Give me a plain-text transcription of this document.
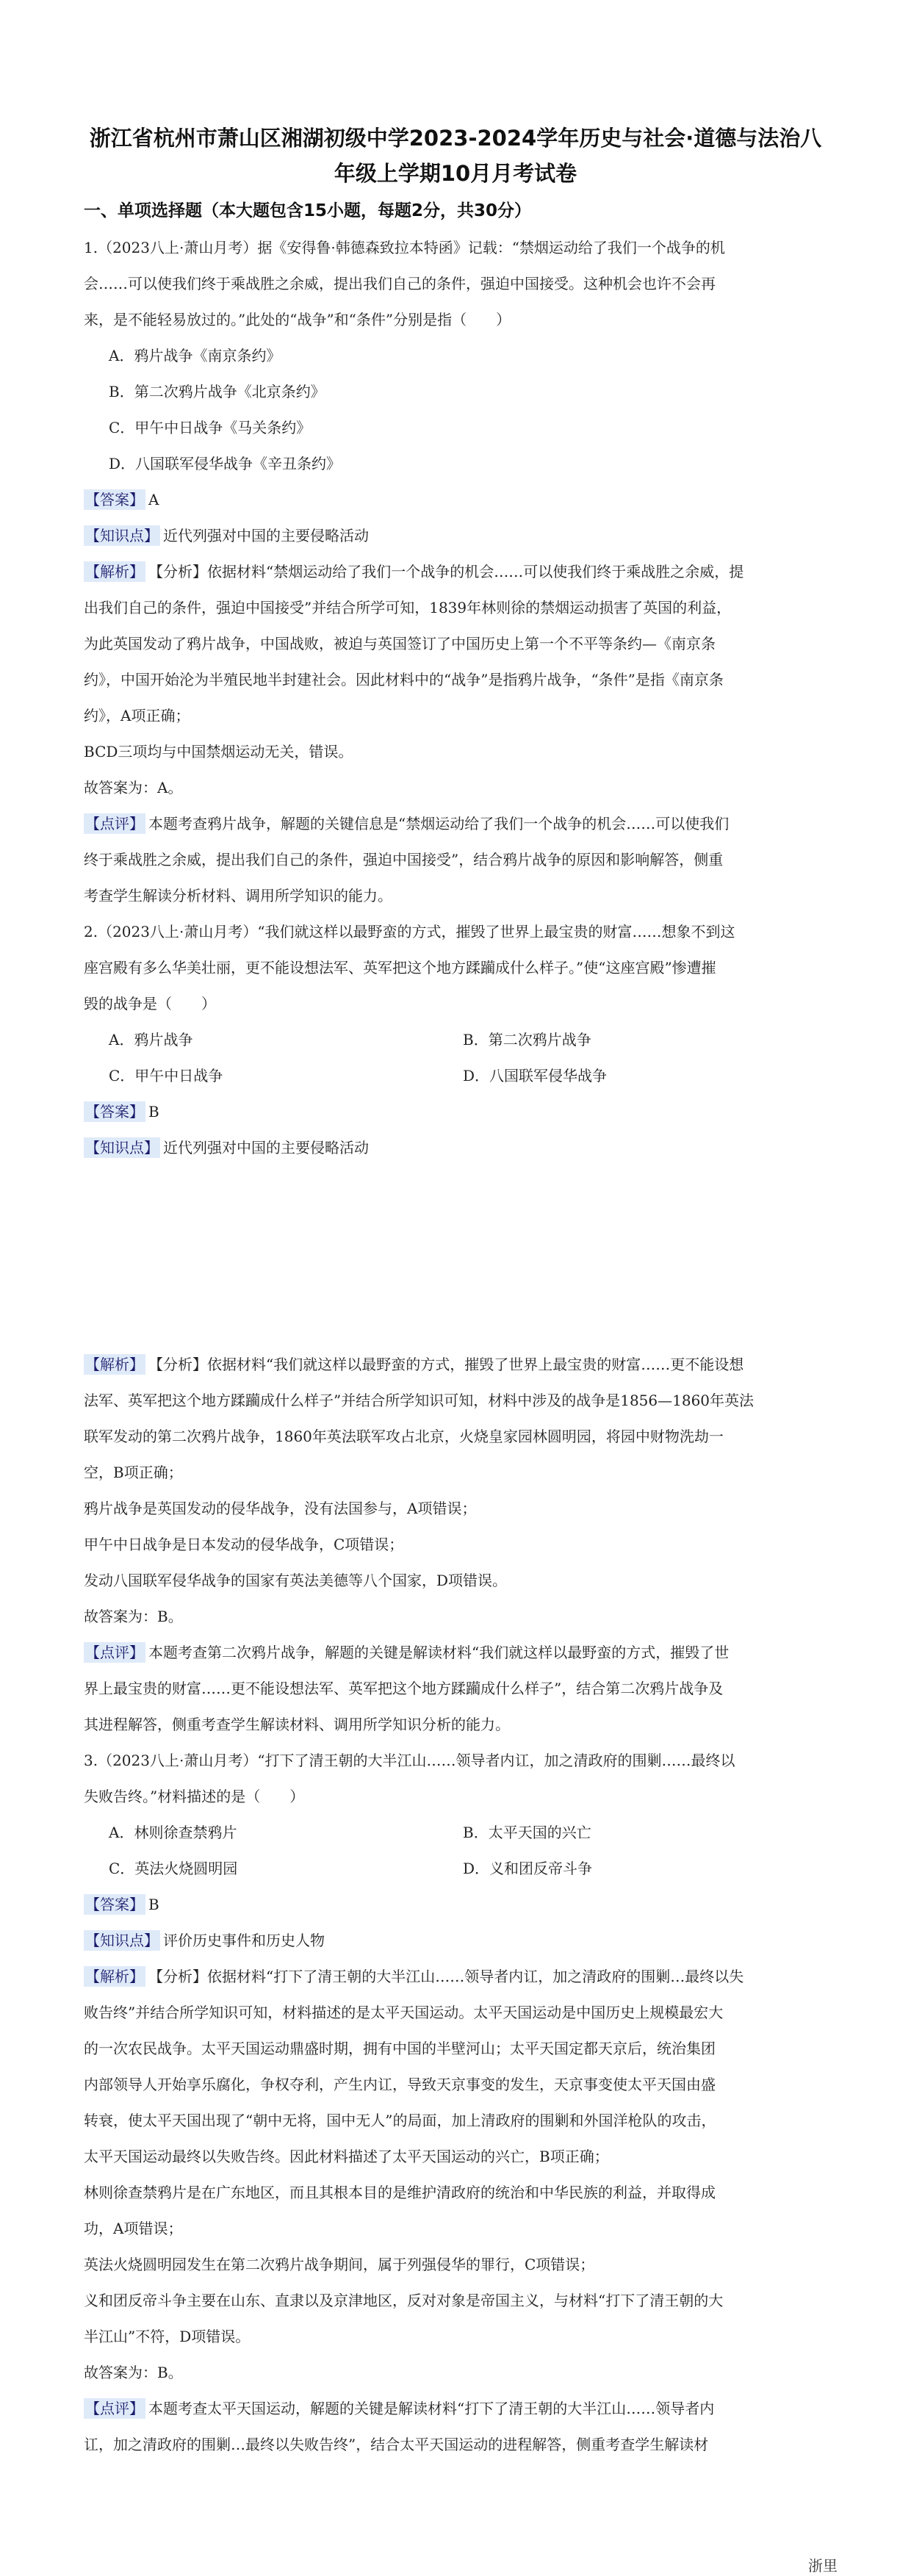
浙江省杭州市萧山区湘湖初级中学2023-2024学年历史与社会·道德与法治八
年级上学期10月月考试卷
一、单项选择题（本大题包含15小题，每题2分，共30分）
1.（2023八上·萧山月考）据《安得鲁·韩德森致拉本特函》记载：“禁烟运动给了我们一个战争的机
会……可以使我们终于乘战胜之余威，提出我们自己的条件，强迫中国接受。这种机会也许不会再
来，是不能轻易放过的。”此处的“战争”和“条件”分别是指（　　）
A．鸦片战争《南京条约》
B．第二次鸦片战争《北京条约》
C．甲午中日战争《马关条约》
D．八国联军侵华战争《辛丑条约》
【答案】 A
【知识点】 近代列强对中国的主要侵略活动
【解析】 【分析】依据材料“禁烟运动给了我们一个战争的机会……可以使我们终于乘战胜之余威，提
出我们自己的条件，强迫中国接受”并结合所学可知，1839年林则徐的禁烟运动损害了英国的利益，
为此英国发动了鸦片战争，中国战败，被迫与英国签订了中国历史上第一个不平等条约—《南京条
约》，中国开始沦为半殖民地半封建社会。因此材料中的“战争”是指鸦片战争，“条件”是指《南京条
约》，A项正确；
BCD三项均与中国禁烟运动无关，错误。
故答案为：A。
【点评】 本题考查鸦片战争，解题的关键信息是“禁烟运动给了我们一个战争的机会……可以使我们
终于乘战胜之余威，提出我们自己的条件，强迫中国接受”，结合鸦片战争的原因和影响解答，侧重
考查学生解读分析材料、调用所学知识的能力。
2.（2023八上·萧山月考）“我们就这样以最野蛮的方式，摧毁了世界上最宝贵的财富……想象不到这
座宫殿有多么华美壮丽，更不能设想法军、英军把这个地方蹂躏成什么样子。”使“这座宫殿”惨遭摧
毁的战争是（　　）
A．鸦片战争	B．第二次鸦片战争
C．甲午中日战争	D．八国联军侵华战争
【答案】 B
【知识点】 近代列强对中国的主要侵略活动
【解析】 【分析】依据材料“我们就这样以最野蛮的方式，摧毁了世界上最宝贵的财富……更不能设想
法军、英军把这个地方蹂躏成什么样子”并结合所学知识可知，材料中涉及的战争是1856—1860年英法
联军发动的第二次鸦片战争，1860年英法联军攻占北京，火烧皇家园林圆明园，将园中财物洗劫一
空，B项正确；
鸦片战争是英国发动的侵华战争，没有法国参与，A项错误；
甲午中日战争是日本发动的侵华战争，C项错误；
发动八国联军侵华战争的国家有英法美德等八个国家，D项错误。
故答案为：B。
【点评】 本题考查第二次鸦片战争，解题的关键是解读材料“我们就这样以最野蛮的方式，摧毁了世
界上最宝贵的财富……更不能设想法军、英军把这个地方蹂躏成什么样子”，结合第二次鸦片战争及
其进程解答，侧重考查学生解读材料、调用所学知识分析的能力。
3.（2023八上·萧山月考）“打下了清王朝的大半江山……领导者内讧，加之清政府的围剿……最终以
失败告终。”材料描述的是（　　）
A．林则徐查禁鸦片	B．太平天国的兴亡
C．英法火烧圆明园	D．义和团反帝斗争
【答案】 B
【知识点】 评价历史事件和历史人物
【解析】 【分析】依据材料“打下了清王朝的大半江山……领导者内讧，加之清政府的围剿…最终以失
败告终”并结合所学知识可知，材料描述的是太平天国运动。太平天国运动是中国历史上规模最宏大
的一次农民战争。太平天国运动鼎盛时期，拥有中国的半壁河山；太平天国定都天京后，统治集团
内部领导人开始享乐腐化，争权夺利，产生内讧，导致天京事变的发生，天京事变使太平天国由盛
转衰，使太平天国出现了“朝中无将，国中无人”的局面，加上清政府的围剿和外国洋枪队的攻击，
太平天国运动最终以失败告终。因此材料描述了太平天国运动的兴亡，B项正确；
林则徐查禁鸦片是在广东地区，而且其根本目的是维护清政府的统治和中华民族的利益，并取得成
功，A项错误；
英法火烧圆明园发生在第二次鸦片战争期间，属于列强侵华的罪行，C项错误；
义和团反帝斗争主要在山东、直隶以及京津地区，反对对象是帝国主义，与材料“打下了清王朝的大
半江山”不符，D项错误。
故答案为：B。
【点评】 本题考查太平天国运动，解题的关键是解读材料“打下了清王朝的大半江山……领导者内
讧，加之清政府的围剿…最终以失败告终”，结合太平天国运动的进程解答，侧重考查学生解读材
浙里
